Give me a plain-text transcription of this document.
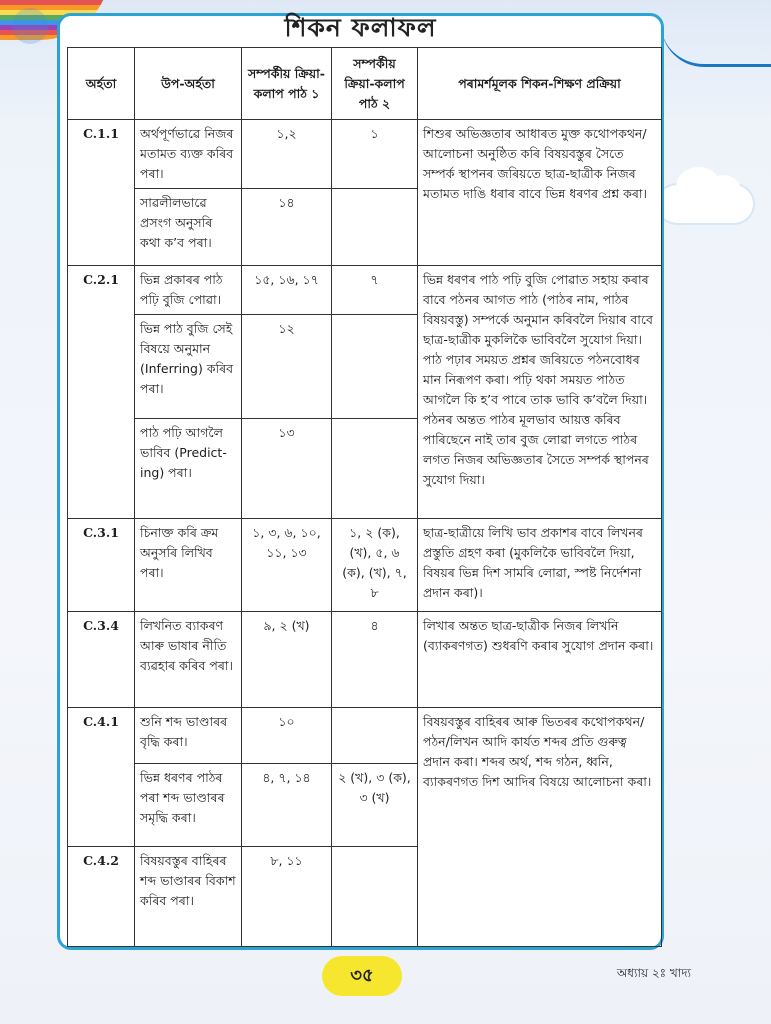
শিকন ফলাফল
অৰ্হতা	উপ-অৰ্হতা	সম্পৰ্কীয় ক্ৰিয়া-কলাপ পাঠ ১	সম্পৰ্কীয় ক্ৰিয়া-কলাপ পাঠ ২	পৰামৰ্শমূলক শিকন-শিক্ষণ প্ৰক্ৰিয়া
C.1.1	অৰ্থপূৰ্ণভাৱে নিজৰ মতামত ব্যক্ত কৰিব পৰা।	১,২	১	শিশুৰ অভিজ্ঞতাৰ আধাৰত মুক্ত কথোপকথন/আলোচনা অনুষ্ঠিত কৰি বিষয়বস্তুৰ সৈতে সম্পৰ্ক স্থাপনৰ জৰিয়তে ছাত্ৰ-ছাত্ৰীক নিজৰ মতামত দাঙি ধৰাৰ বাবে ভিন্ন ধৰণৰ প্ৰশ্ন কৰা।
	সাৱলীলভাৱে প্ৰসংগ অনুসৰি কথা ক’ব পৰা।	১৪		
C.2.1	ভিন্ন প্ৰকাৰৰ পাঠ পঢ়ি বুজি পোৱা।	১৫, ১৬, ১৭	৭	ভিন্ন ধৰণৰ পাঠ পঢ়ি বুজি পোৱাত সহায় কৰাৰ বাবে পঠনৰ আগত পাঠ (পাঠৰ নাম, পাঠৰ বিষয়বস্তু) সম্পৰ্কে অনুমান কৰিবলৈ দিয়াৰ বাবে ছাত্ৰ-ছাত্ৰীক মুকলিকৈ ভাবিবলৈ সুযোগ দিয়া। পাঠ পঢ়াৰ সময়ত প্ৰশ্নৰ জৰিয়তে পঠনবোধৰ মান নিৰূপণ কৰা। পঢ়ি থকা সময়ত পাঠত আগলৈ কি হ’ব পাৰে তাক ভাবি ক’বলৈ দিয়া। পঠনৰ অন্তত পাঠৰ মূলভাব আয়ত্ত কৰিব পাৰিছেনে নাই তাৰ বুজ লোৱা লগতে পাঠৰ লগত নিজৰ অভিজ্ঞতাৰ সৈতে সম্পৰ্ক স্থাপনৰ সুযোগ দিয়া।
	ভিন্ন পাঠ বুজি সেই বিষয়ে অনুমান (Inferring) কৰিব পৰা।	১২		
	পাঠ পঢ়ি আগলৈ ভাবিব (Predict-ing) পৰা।	১৩		
C.3.1	চিনাক্ত কৰি ক্ৰম অনুসৰি লিখিব পৰা।	১, ৩, ৬, ১০, ১১, ১৩	১, ২ (ক), (খ), ৫, ৬ (ক), (খ), ৭, ৮	ছাত্ৰ-ছাত্ৰীয়ে লিখি ভাব প্ৰকাশৰ বাবে লিখনৰ প্ৰস্তুতি গ্ৰহণ কৰা (মুকলিকৈ ভাবিবলৈ দিয়া, বিষয়ৰ ভিন্ন দিশ সামৰি লোৱা, স্পষ্ট নিৰ্দেশনা প্ৰদান কৰা)।
C.3.4	লিখনিত ব্যাকৰণ আৰু ভাষাৰ নীতি ব্যৱহাৰ কৰিব পৰা।	৯, ২ (খ)	৪	লিখাৰ অন্তত ছাত্ৰ-ছাত্ৰীক নিজৰ লিখনি (ব্যাকৰণগত) শুধৰণি কৰাৰ সুযোগ প্ৰদান কৰা।
C.4.1	শুনি শব্দ ভাণ্ডাৰৰ বৃদ্ধি কৰা।	১০		বিষয়বস্তুৰ বাহিৰৰ আৰু ভিতৰৰ কথোপকথন/পঠন/লিখন আদি কাৰ্যত শব্দৰ প্ৰতি গুৰুত্ব প্ৰদান কৰা। শব্দৰ অৰ্থ, শব্দ গঠন, ধ্বনি, ব্যাকৰণগত দিশ আদিৰ বিষয়ে আলোচনা কৰা।
	ভিন্ন ধৰণৰ পাঠৰ পৰা শব্দ ভাণ্ডাৰৰ সমৃদ্ধি কৰা।	৪, ৭, ১৪	২ (খ), ৩ (ক), ৩ (খ)	
C.4.2	বিষয়বস্তুৰ বাহিৰৰ শব্দ ভাণ্ডাৰৰ বিকাশ কৰিব পৰা।	৮, ১১		
৩৫	অধ্যায় ২ঃ খাদ্য
